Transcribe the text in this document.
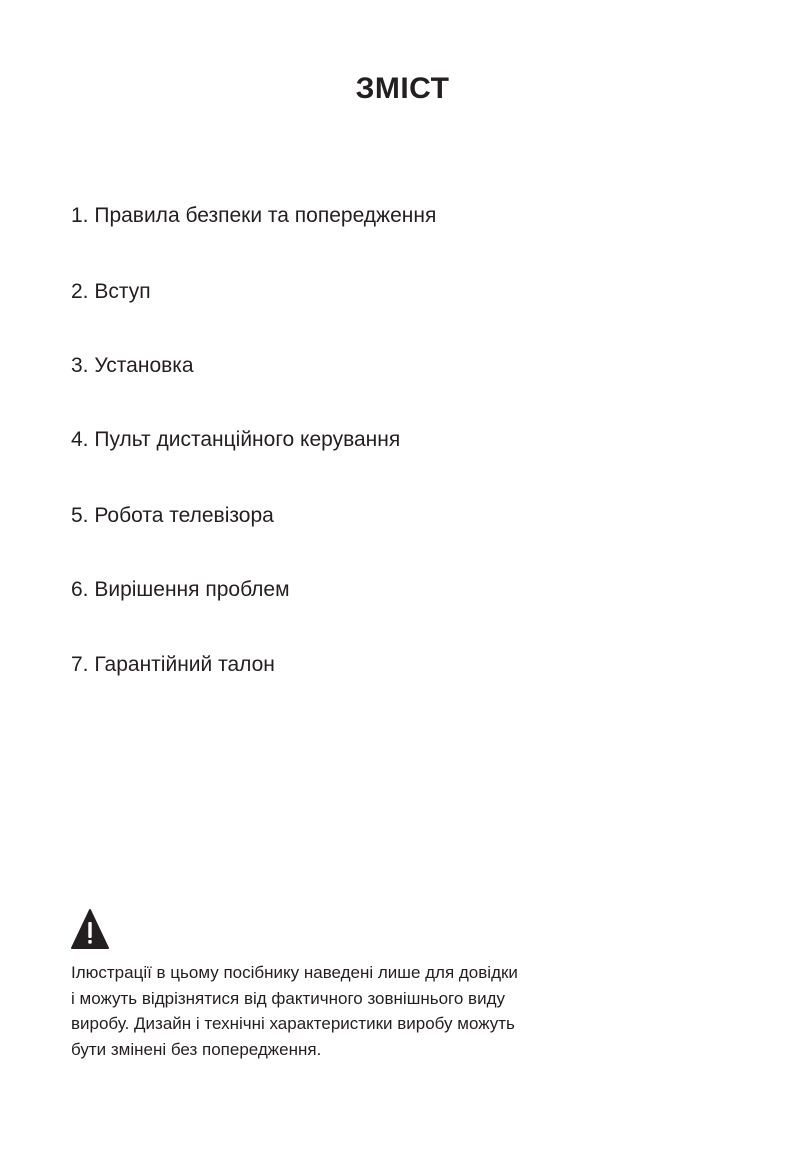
ЗМІСТ
1. Правила безпеки та попередження
2. Вступ
3. Установка
4. Пульт дистанційного керування
5. Робота телевізора
6. Вирішення проблем
7. Гарантійний талон

Ілюстрації в цьому посібнику наведені лише для довідки
і можуть відрізнятися від фактичного зовнішнього виду
виробу. Дизайн і технічні характеристики виробу можуть
бути змінені без попередження.
